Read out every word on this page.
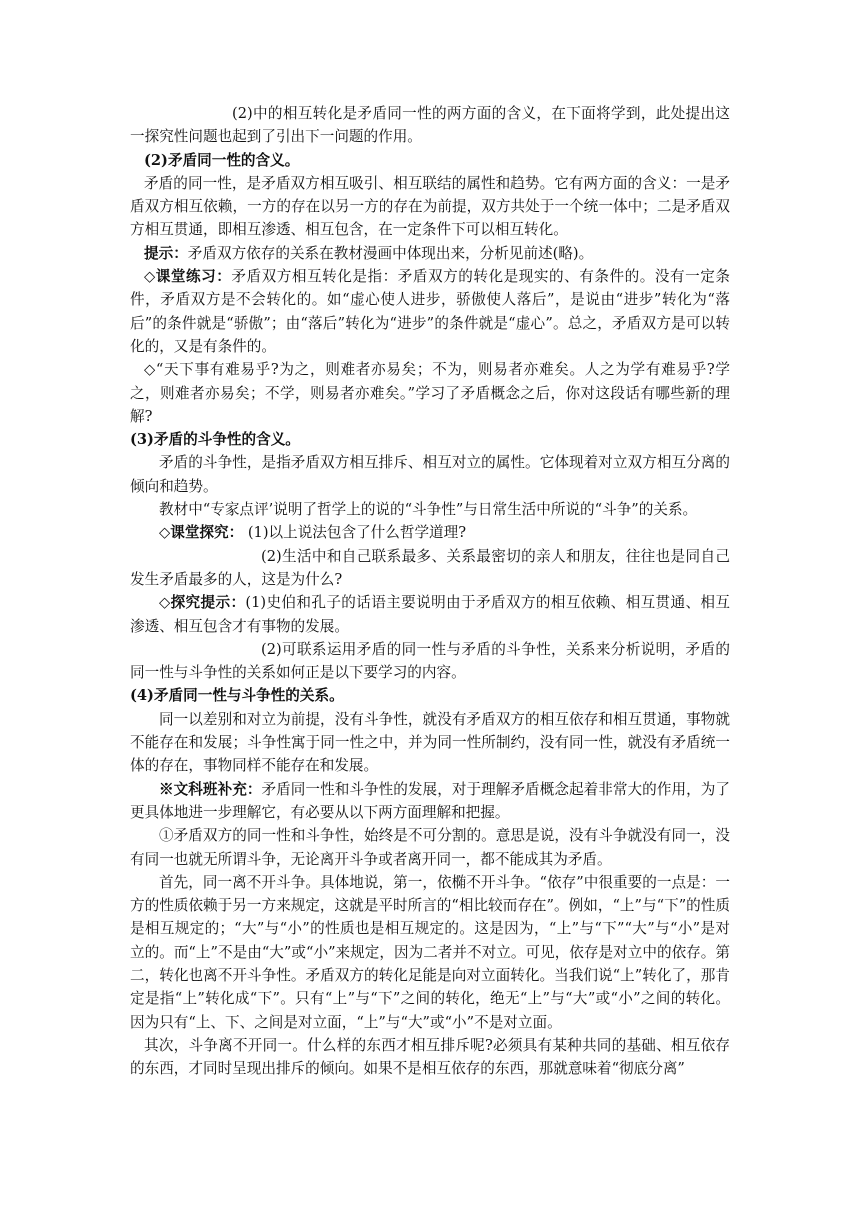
(2)中的相互转化是矛盾同一性的两方面的含义，在下面将学到，此处提出这一探究性问题也起到了引出下一问题的作用。

(2)矛盾同一性的含义。

矛盾的同一性，是矛盾双方相互吸引、相互联结的属性和趋势。它有两方面的含义：一是矛盾双方相互依赖，一方的存在以另一方的存在为前提，双方共处于一个统一体中；二是矛盾双方相互贯通，即相互渗透、相互包含，在一定条件下可以相互转化。

提示：矛盾双方依存的关系在教材漫画中体现出来，分析见前述(略)。

◇课堂练习：矛盾双方相互转化是指：矛盾双方的转化是现实的、有条件的。没有一定条件，矛盾双方是不会转化的。如“虚心使人进步，骄傲使人落后”，是说由“进步”转化为“落后”的条件就是“骄傲”；由“落后”转化为“进步”的条件就是“虚心”。总之，矛盾双方是可以转化的，又是有条件的。

◇“天下事有难易乎?为之，则难者亦易矣；不为，则易者亦难矣。人之为学有难易乎?学之，则难者亦易矣；不学，则易者亦难矣。”学习了矛盾概念之后，你对这段话有哪些新的理解?

(3)矛盾的斗争性的含义。

矛盾的斗争性，是指矛盾双方相互排斥、相互对立的属性。它体现着对立双方相互分离的倾向和趋势。

教材中“专家点评’说明了哲学上的说的“斗争性”与日常生活中所说的“斗争”的关系。

◇课堂探究： (1)以上说法包含了什么哲学道理?

(2)生活中和自己联系最多、关系最密切的亲人和朋友，往往也是同自己发生矛盾最多的人，这是为什么?

◇探究提示：(1)史伯和孔子的话语主要说明由于矛盾双方的相互依赖、相互贯通、相互渗透、相互包含才有事物的发展。

(2)可联系运用矛盾的同一性与矛盾的斗争性，关系来分析说明，矛盾的同一性与斗争性的关系如何正是以下要学习的内容。

(4)矛盾同一性与斗争性的关系。

同一以差别和对立为前提，没有斗争性，就没有矛盾双方的相互依存和相互贯通，事物就不能存在和发展；斗争性寓于同一性之中，并为同一性所制约，没有同一性，就没有矛盾统一体的存在，事物同样不能存在和发展。

※文科班补充：矛盾同一性和斗争性的发展，对于理解矛盾概念起着非常大的作用，为了更具体地进一步理解它，有必要从以下两方面理解和把握。

①矛盾双方的同一性和斗争性，始终是不可分割的。意思是说，没有斗争就没有同一，没有同一也就无所谓斗争，无论离开斗争或者离开同一，都不能成其为矛盾。

首先，同一离不开斗争。具体地说，第一，依椭不开斗争。“依存”中很重要的一点是：一方的性质依赖于另一方来规定，这就是平时所言的“相比较而存在”。例如，“上”与“下”的性质是相互规定的；“大”与“小”的性质也是相互规定的。这是因为，“上”与“下”“大”与“小”是对立的。而“上”不是由“大”或“小”来规定，因为二者并不对立。可见，依存是对立中的依存。第二，转化也离不开斗争性。矛盾双方的转化足能是向对立面转化。当我们说“上”转化了，那肯定是指“上”转化成“下”。只有“上”与“下”之间的转化，绝无“上”与“大”或“小”之间的转化。因为只有“上、下、之间是对立面，“上”与“大”或“小”不是对立面。

其次，斗争离不开同一。什么样的东西才相互排斥呢?必须具有某种共同的基础、相互依存的东西，才同时呈现出排斥的倾向。如果不是相互依存的东西，那就意味着“彻底分离”
